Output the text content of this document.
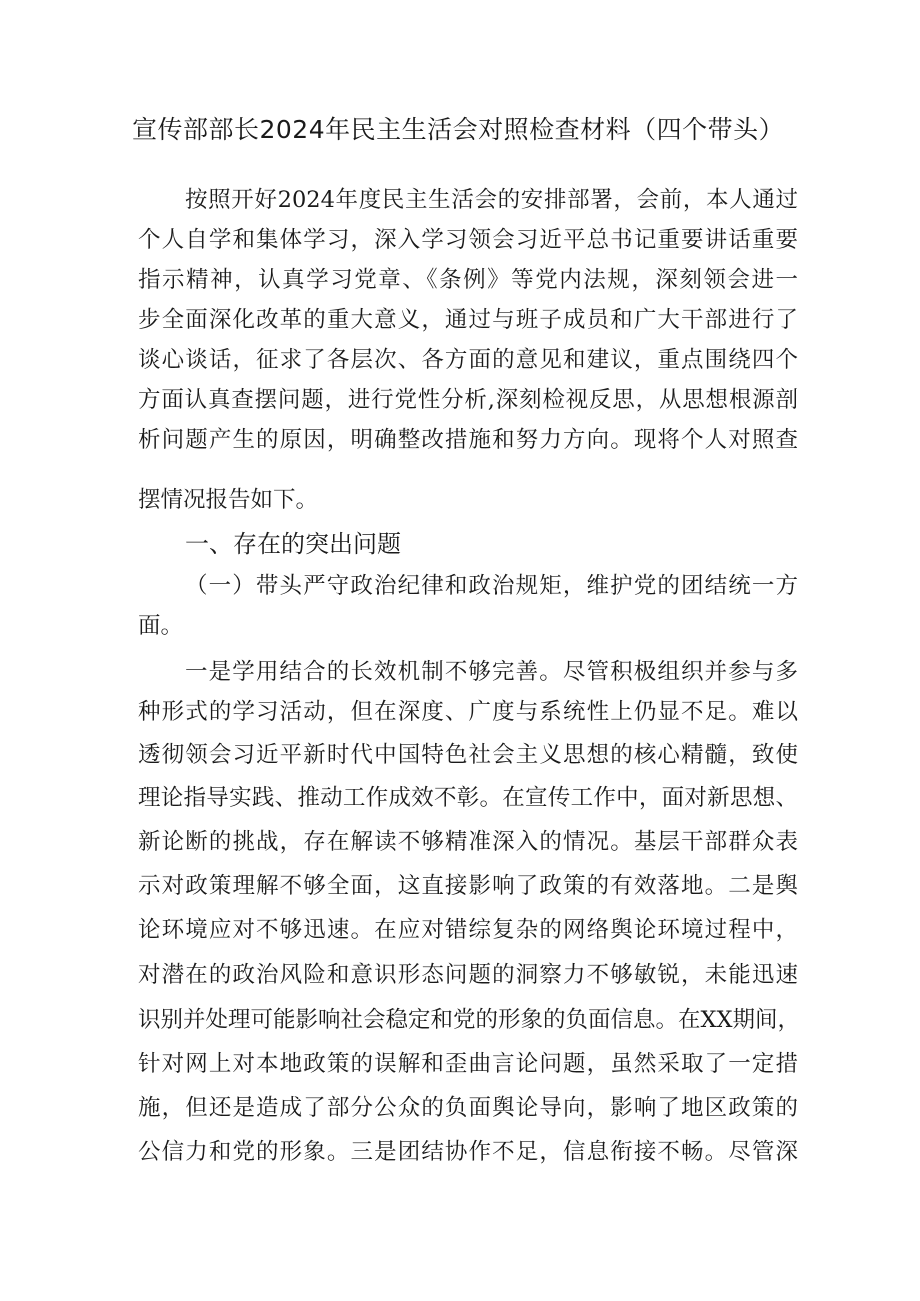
宣传部部长2024年民主生活会对照检查材料（四个带头）
按照开好2024年度民主生活会的安排部署，会前，本人通过
个人自学和集体学习，深入学习领会习近平总书记重要讲话重要
指示精神，认真学习党章、《条例》等党内法规，深刻领会进一
步全面深化改革的重大意义，通过与班子成员和广大干部进行了
谈心谈话，征求了各层次、各方面的意见和建议，重点围绕四个
方面认真查摆问题，进行党性分析,深刻检视反思，从思想根源剖
析问题产生的原因，明确整改措施和努力方向。现将个人对照查
摆情况报告如下。
一、存在的突出问题
（一）带头严守政治纪律和政治规矩，维护党的团结统一方
面。
一是学用结合的长效机制不够完善。尽管积极组织并参与多
种形式的学习活动，但在深度、广度与系统性上仍显不足。难以
透彻领会习近平新时代中国特色社会主义思想的核心精髓，致使
理论指导实践、推动工作成效不彰。在宣传工作中，面对新思想、
新论断的挑战，存在解读不够精准深入的情况。基层干部群众表
示对政策理解不够全面，这直接影响了政策的有效落地。二是舆
论环境应对不够迅速。在应对错综复杂的网络舆论环境过程中，
对潜在的政治风险和意识形态问题的洞察力不够敏锐，未能迅速
识别并处理可能影响社会稳定和党的形象的负面信息。在XX期间，
针对网上对本地政策的误解和歪曲言论问题，虽然采取了一定措
施，但还是造成了部分公众的负面舆论导向，影响了地区政策的
公信力和党的形象。三是团结协作不足，信息衔接不畅。尽管深
